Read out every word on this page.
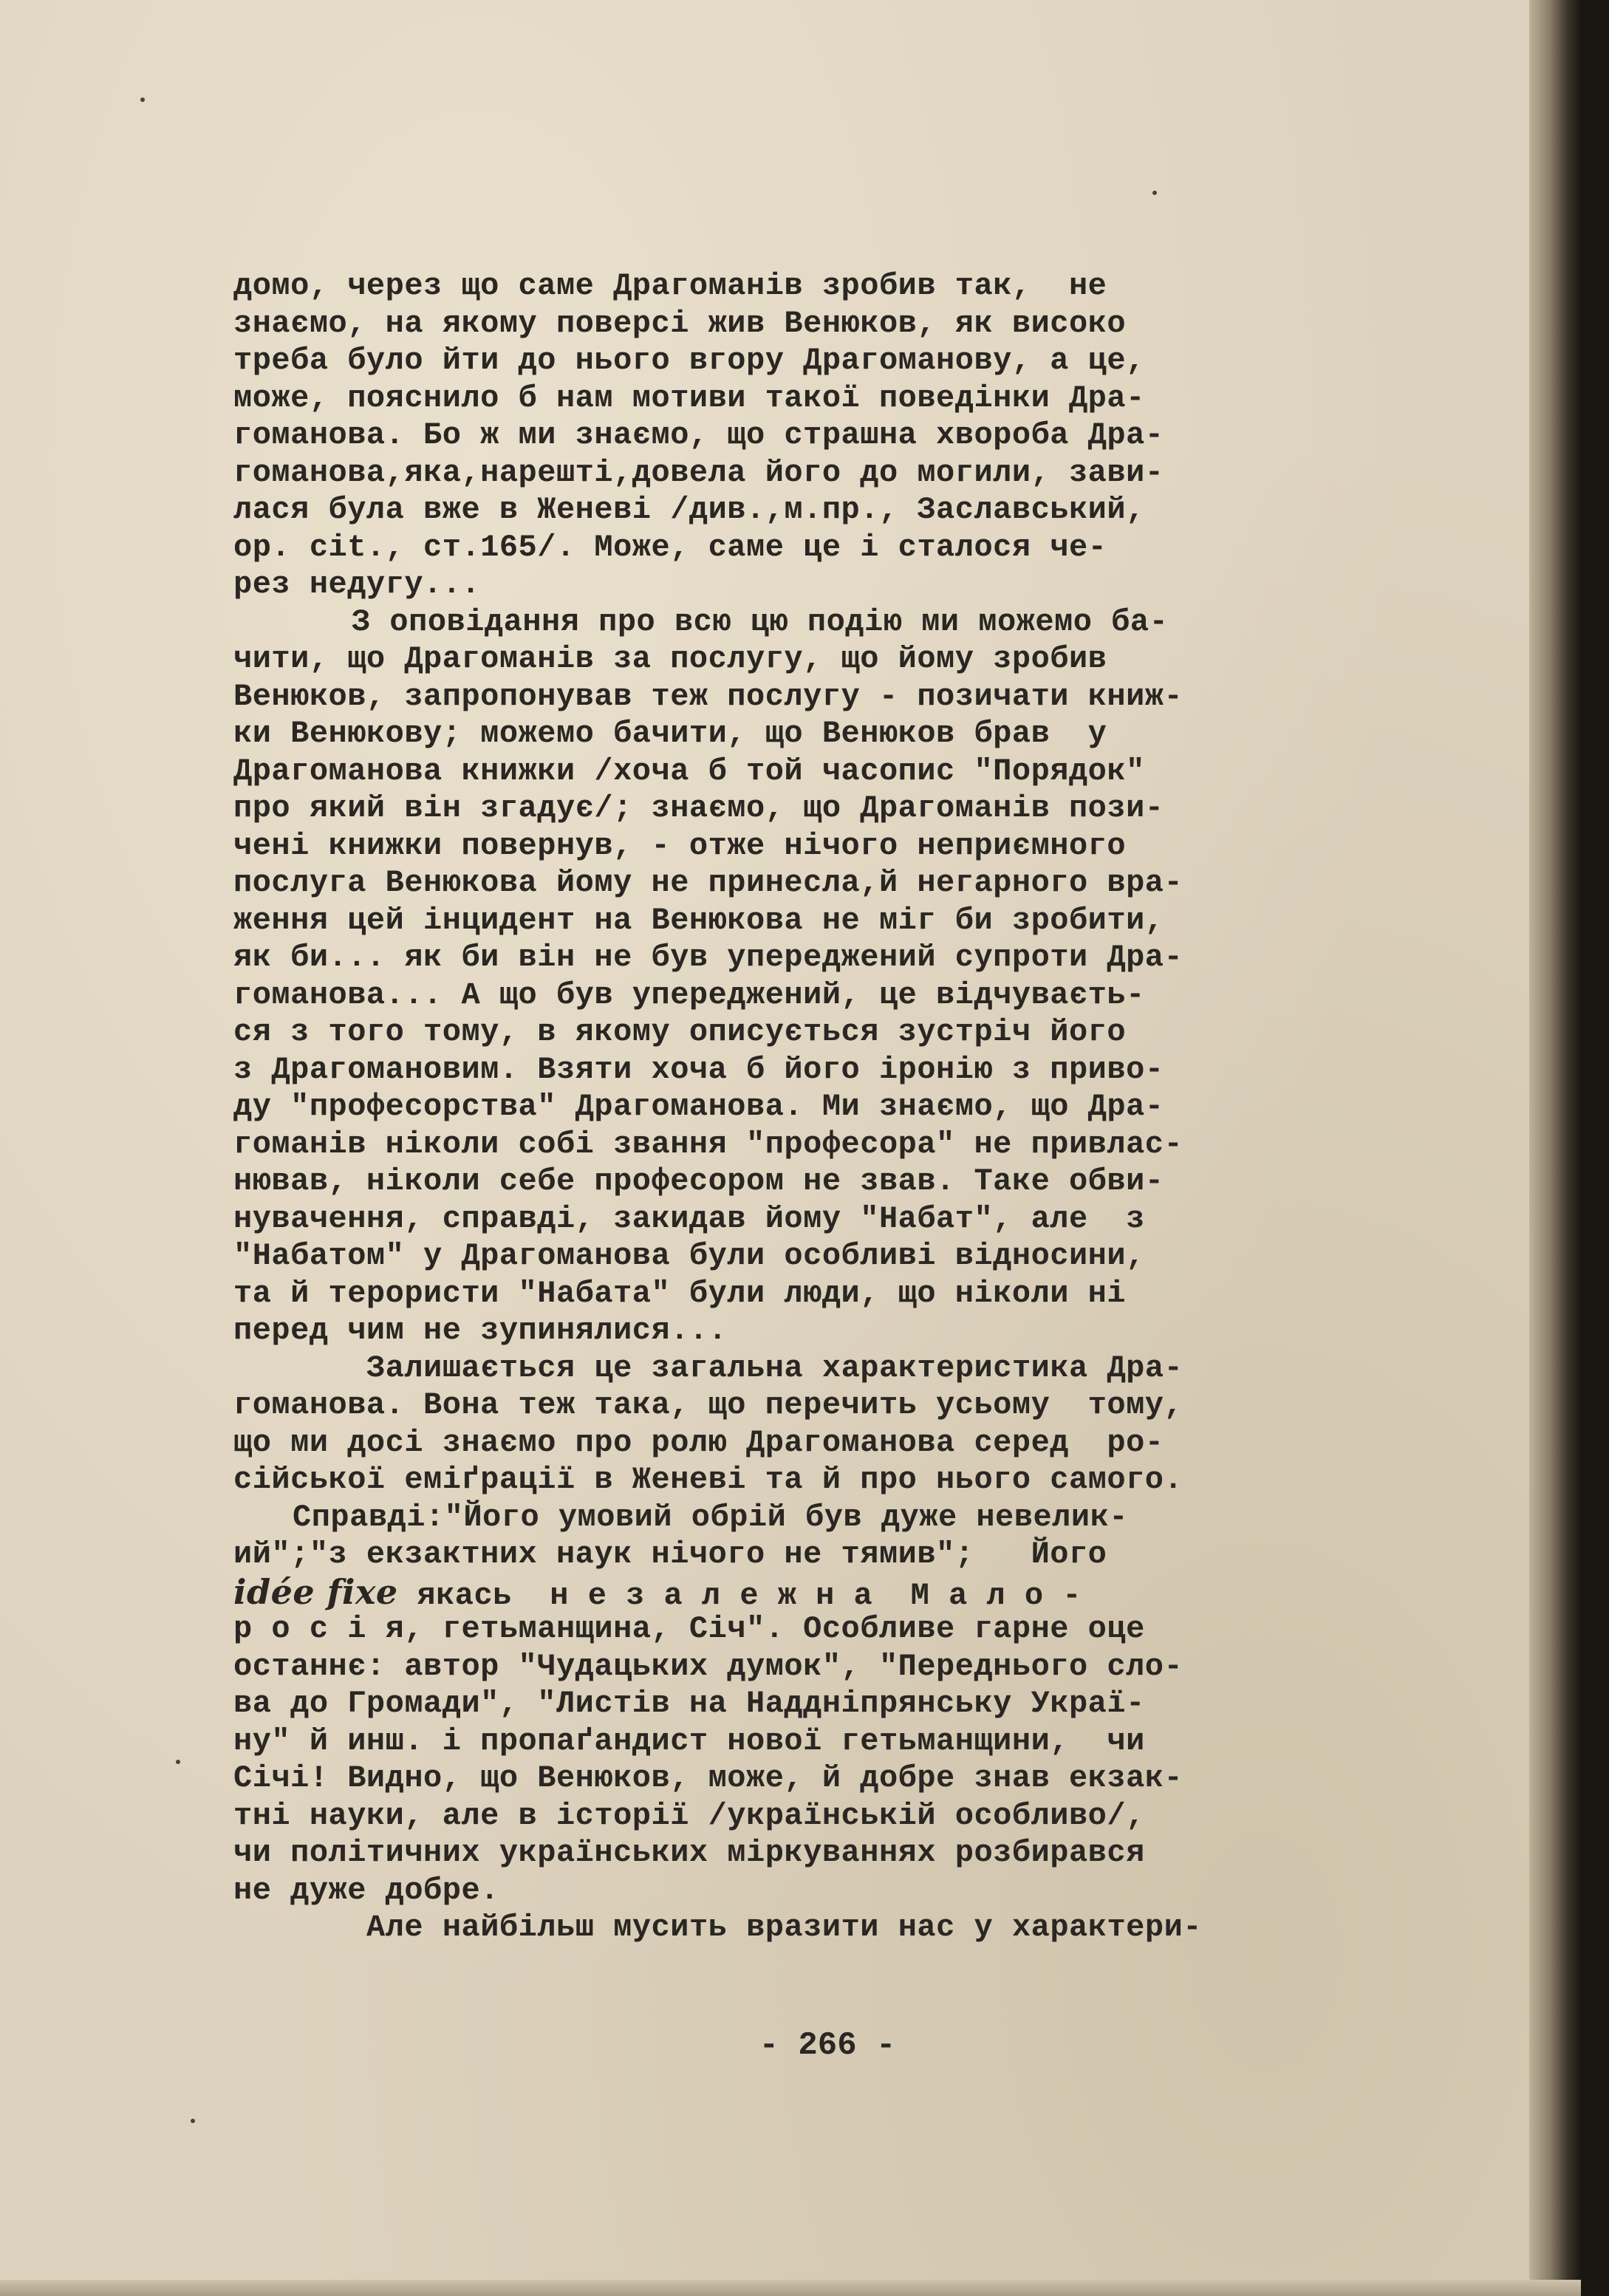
домо, через що саме Драгоманів зробив так,  не
знаємо, на якому поверсі жив Венюков, як високо
треба було йти до нього вгору Драгоманову, а це,
може, пояснило б нам мотиви такої поведінки Дра-
гоманова. Бо ж ми знаємо, що страшна хвороба Дра-
гоманова,яка,нарешті,довела його до могили, зави-
лася була вже в Женеві /див.,м.пр., Заславський,
ор. cit., ст.165/. Може, саме це і сталося че-
рез недугу...
З оповідання про всю цю подію ми можемо ба-
чити, що Драгоманів за послугу, що йому зробив
Венюков, запропонував теж послугу - позичати книж-
ки Венюкову; можемо бачити, що Венюков брав  у
Драгоманова книжки /хоча б той часопис "Порядок"
про який він згадує/; знаємо, що Драгоманів пози-
чені книжки повернув, - отже нічого неприємного
послуга Венюкова йому не принесла,й негарного вра-
ження цей інцидент на Венюкова не міг би зробити,
як би... як би він не був упереджений супроти Дра-
гоманова... А що був упереджений, це відчуваєть-
ся з того тому, в якому описується зустріч його
з Драгомановим. Взяти хоча б його іронію з приво-
ду "професорства" Драгоманова. Ми знаємо, що Дра-
гоманів ніколи собі звання "професора" не привлас-
нював, ніколи себе професором не звав. Таке обви-
нувачення, справді, закидав йому "Набат", але  з
"Набатом" у Драгоманова були особливі відносини,
та й терористи "Набата" були люди, що ніколи ні
перед чим не зупинялися...
Залишається це загальна характеристика Дра-
гоманова. Вона теж така, що перечить усьому  тому,
що ми досі знаємо про ролю Драгоманова серед  ро-
сійської еміґрації в Женеві та й про нього самого.
Справді:"Його умовий обрій був дуже невелик-
ий";"з екзактних наук нічого не тямив";   Його
idée fixe якась  н е з а л е ж н а  М а л о -
р о с і я, гетьманщина, Січ". Особливе гарне оце
останнє: автор "Чудацьких думок", "Переднього сло-
ва до Громади", "Листів на Наддніпрянську Украї-
ну" й инш. і пропаґандист нової гетьманщини,  чи
Січі! Видно, що Венюков, може, й добре знав екзак-
тні науки, але в історії /українській особливо/,
чи політичних українських міркуваннях розбирався
не дуже добре.
Але найбільш мусить вразити нас у характери-
- 266 -
